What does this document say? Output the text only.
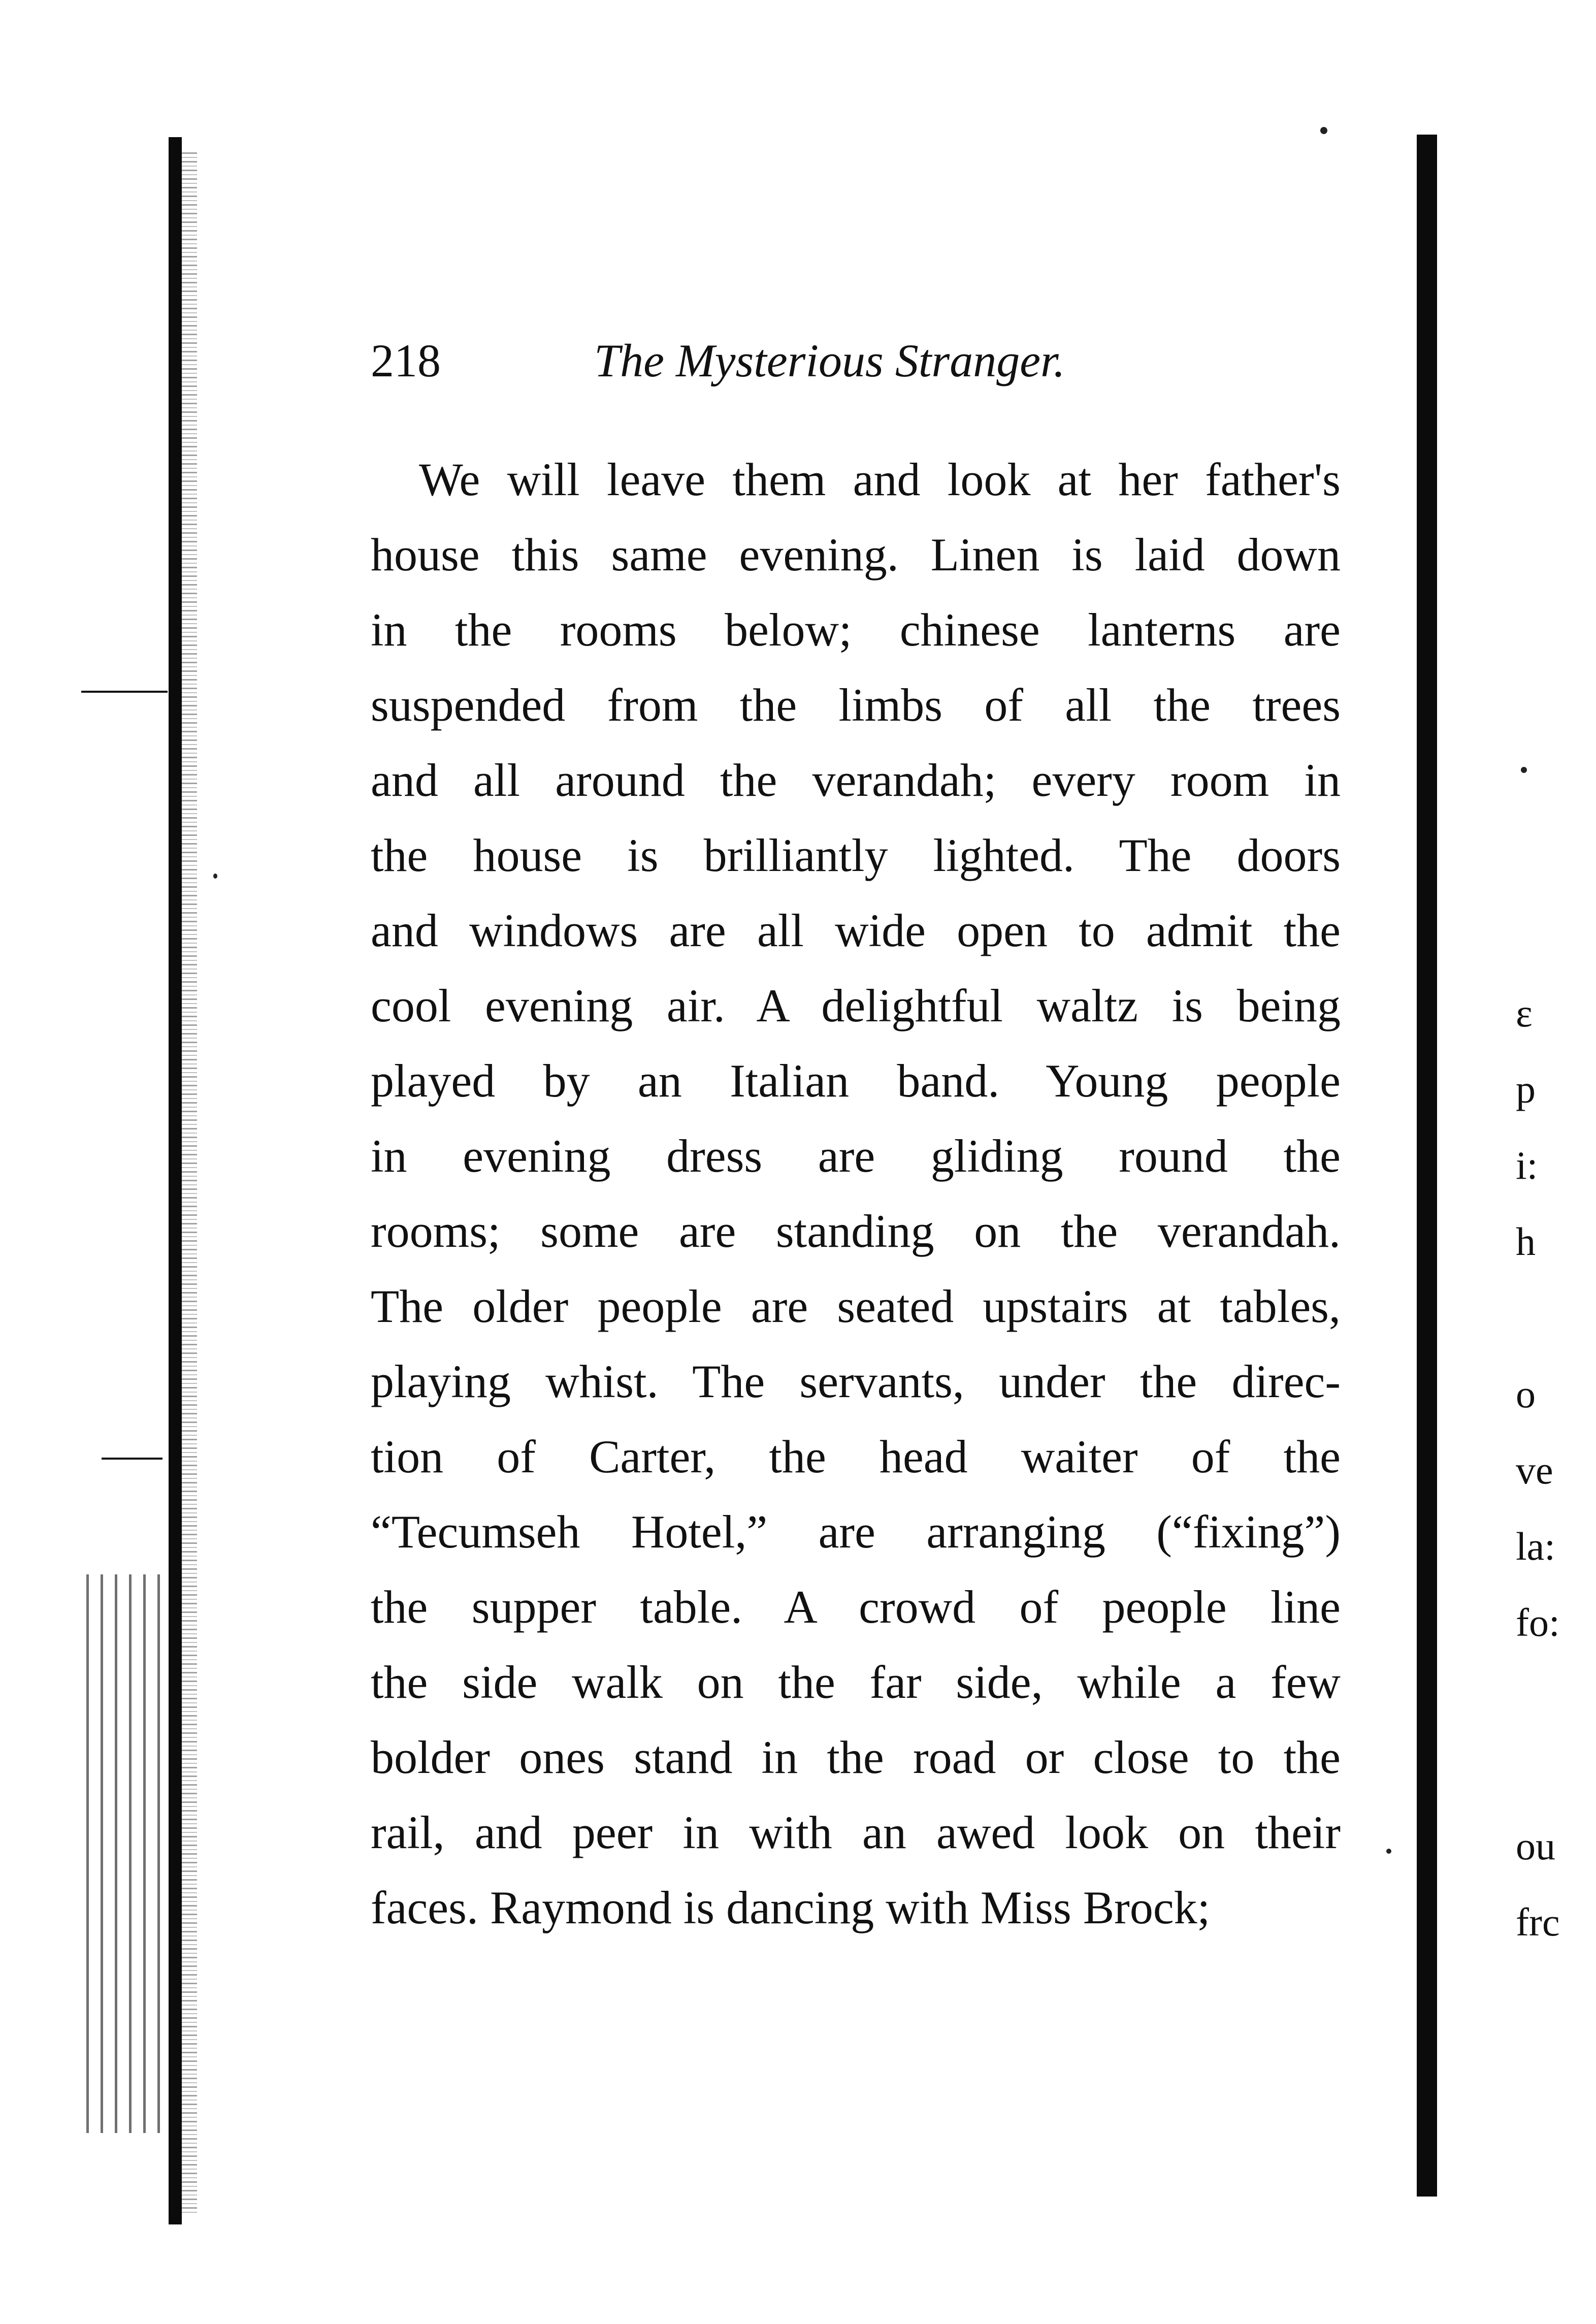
218	The Mysterious Stranger.
We will leave them and look at her father's
house this same evening. Linen is laid down
in the rooms below; chinese lanterns are
suspended from the limbs of all the trees
and all around the verandah; every room in
the house is brilliantly lighted. The doors
and windows are all wide open to admit the
cool evening air. A delightful waltz is being
played by an Italian band. Young people
in evening dress are gliding round the
rooms; some are standing on the verandah.
The older people are seated upstairs at tables,
playing whist. The servants, under the direc-
tion of Carter, the head waiter of the
“Tecumseh Hotel,” are arranging (“fixing”)
the supper table. A crowd of people line
the side walk on the far side, while a few
bolder ones stand in the road or close to the
rail, and peer in with an awed look on their
faces. Raymond is dancing with Miss Brock;
ε
p
i:
h
o
ve
la:
fo:
ou
frc
